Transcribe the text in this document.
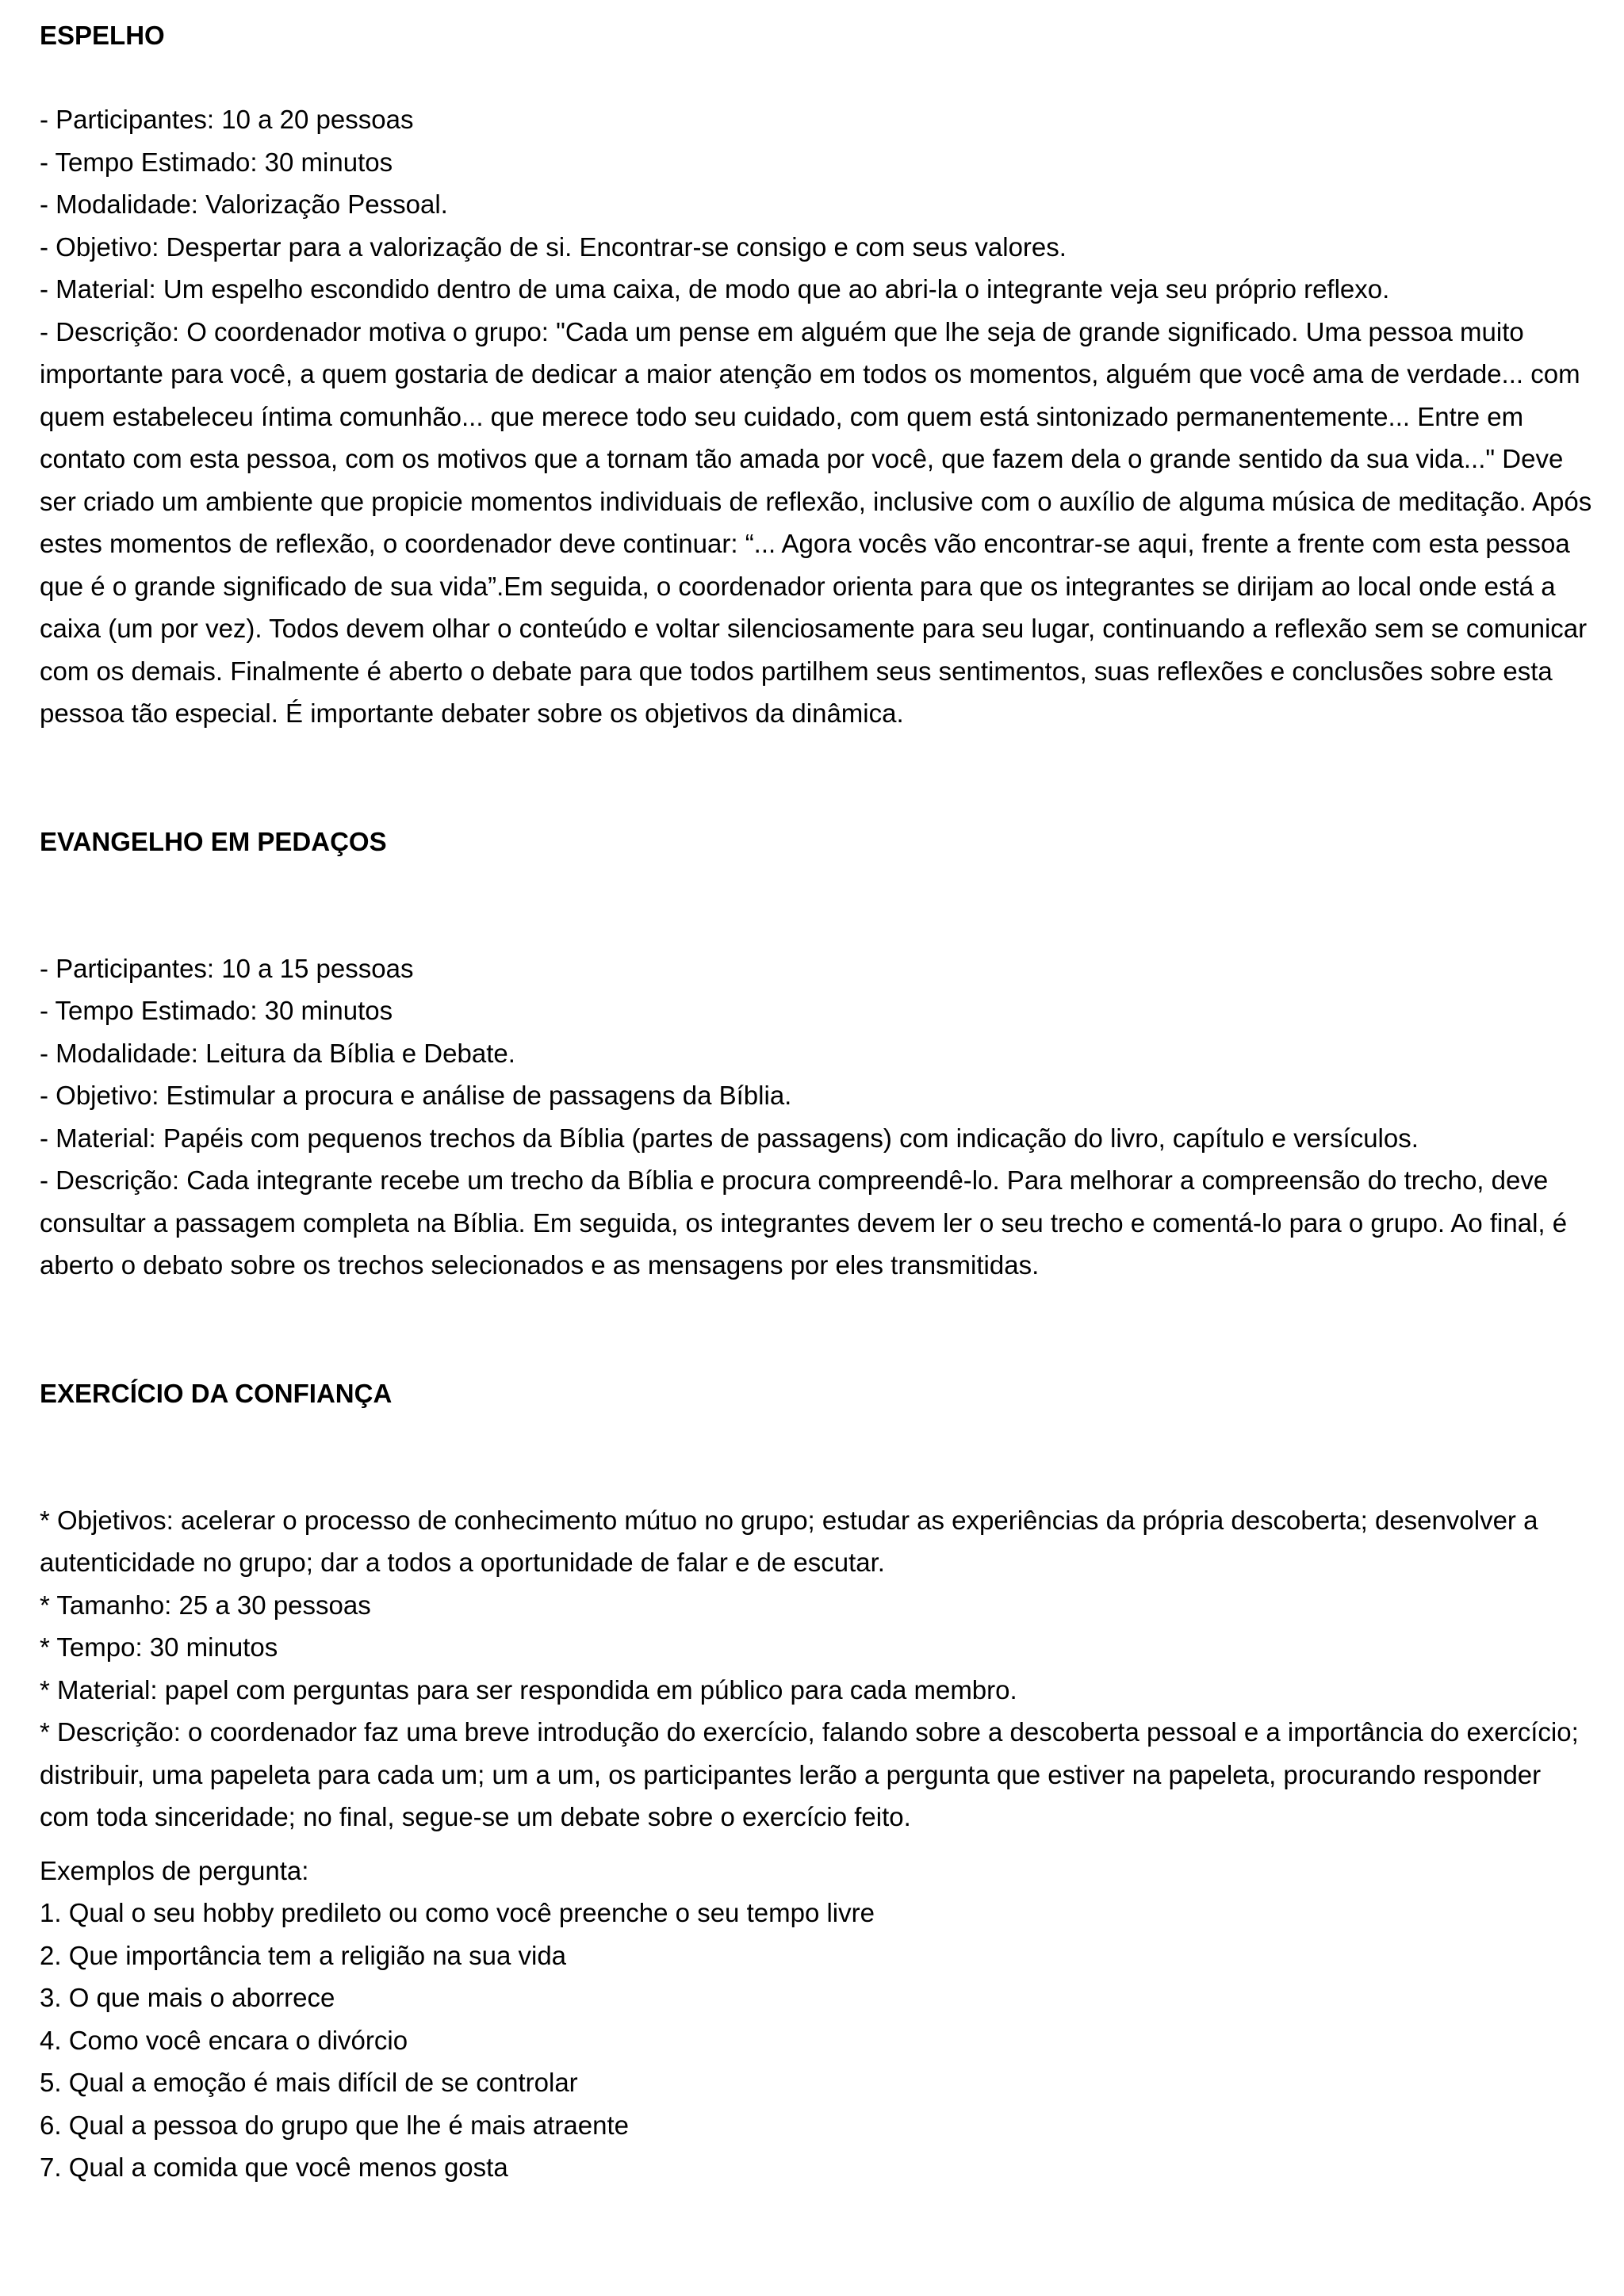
ESPELHO

- Participantes: 10 a 20 pessoas

- Tempo Estimado: 30 minutos

- Modalidade: Valorização Pessoal.

- Objetivo: Despertar para a valorização de si. Encontrar-se consigo e com seus valores.

- Material: Um espelho escondido dentro de uma caixa, de modo que ao abri-la o integrante veja seu próprio reflexo.

- Descrição: O coordenador motiva o grupo: "Cada um pense em alguém que lhe seja de grande significado. Uma pessoa muito importante para você, a quem gostaria de dedicar a maior atenção em todos os momentos, alguém que você ama de verdade... com quem estabeleceu íntima comunhão... que merece todo seu cuidado, com quem está sintonizado permanentemente... Entre em contato com esta pessoa, com os motivos que a tornam tão amada por você, que fazem dela o grande sentido da sua vida..." Deve ser criado um ambiente que propicie momentos individuais de reflexão, inclusive com o auxílio de alguma música de meditação. Após estes momentos de reflexão, o coordenador deve continuar: “... Agora vocês vão encontrar-se aqui, frente a frente com esta pessoa que é o grande significado de sua vida”.Em seguida, o coordenador orienta para que os integrantes se dirijam ao local onde está a caixa (um por vez). Todos devem olhar o conteúdo e voltar silenciosamente para seu lugar, continuando a reflexão sem se comunicar com os demais. Finalmente é aberto o debate para que todos partilhem seus sentimentos, suas reflexões e conclusões sobre esta pessoa tão especial. É importante debater sobre os objetivos da dinâmica.

EVANGELHO EM PEDAÇOS

- Participantes: 10 a 15 pessoas

- Tempo Estimado: 30 minutos

- Modalidade: Leitura da Bíblia e Debate.

- Objetivo: Estimular a procura e análise de passagens da Bíblia.

- Material: Papéis com pequenos trechos da Bíblia (partes de passagens) com indicação do livro, capítulo e versículos.

- Descrição: Cada integrante recebe um trecho da Bíblia e procura compreendê-lo. Para melhorar a compreensão do trecho, deve consultar a passagem completa na Bíblia. Em seguida, os integrantes devem ler o seu trecho e comentá-lo para o grupo. Ao final, é aberto o debato sobre os trechos selecionados e as mensagens por eles transmitidas.

EXERCÍCIO DA CONFIANÇA

* Objetivos: acelerar o processo de conhecimento mútuo no grupo; estudar as experiências da própria descoberta; desenvolver a autenticidade no grupo; dar a todos a oportunidade de falar e de escutar.

* Tamanho: 25 a 30 pessoas

* Tempo: 30 minutos

* Material: papel com perguntas para ser respondida em público para cada membro.

* Descrição: o coordenador faz uma breve introdução do exercício, falando sobre a descoberta pessoal e a importância do exercício; distribuir, uma papeleta para cada um; um a um, os participantes lerão a pergunta que estiver na papeleta, procurando responder com toda sinceridade; no final, segue-se um debate sobre o exercício feito.

Exemplos de pergunta:

1. Qual o seu hobby predileto ou como você preenche o seu tempo livre

2. Que importância tem a religião na sua vida

3. O que mais o aborrece

4. Como você encara o divórcio

5. Qual a emoção é mais difícil de se controlar

6. Qual a pessoa do grupo que lhe é mais atraente

7. Qual a comida que você menos gosta
